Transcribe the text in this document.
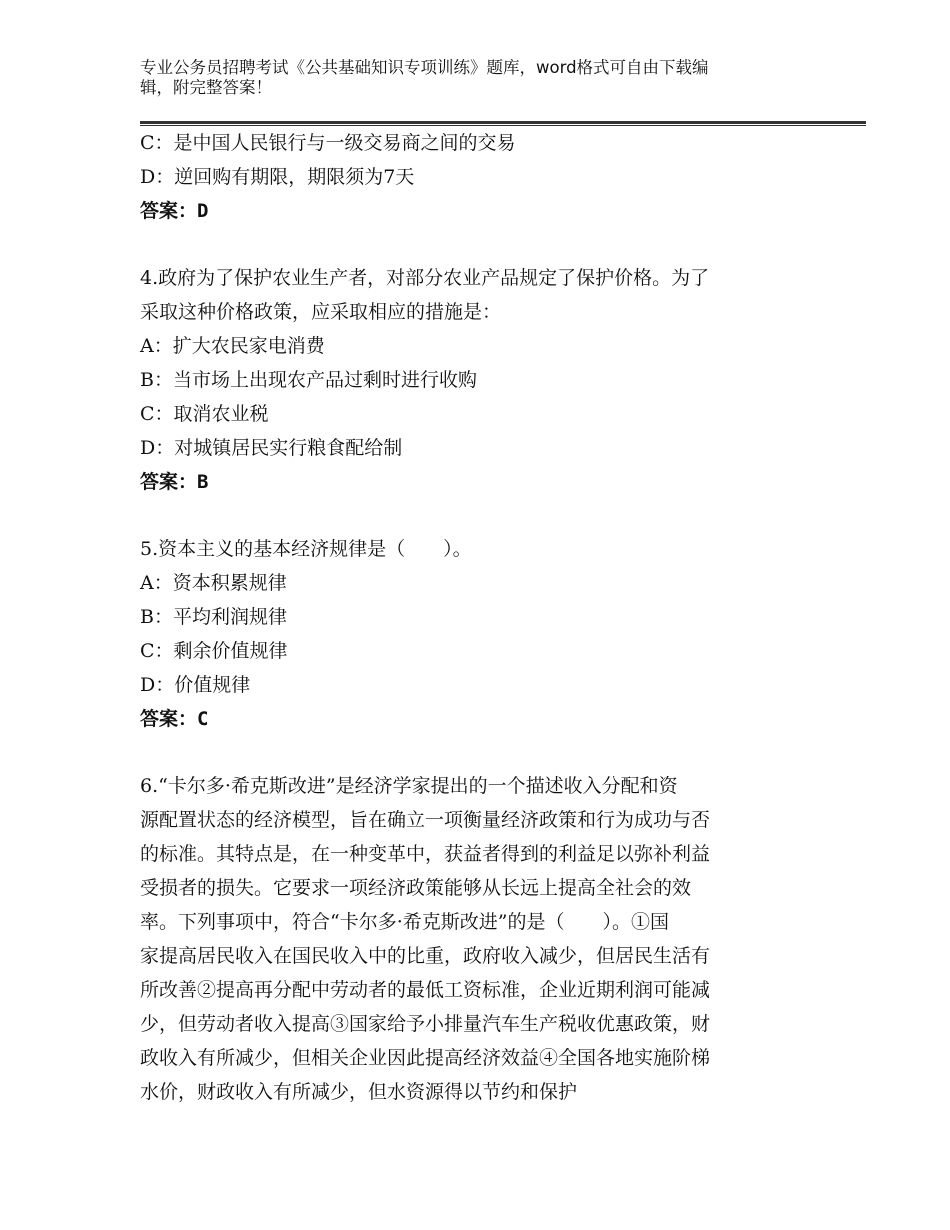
专业公务员招聘考试《公共基础知识专项训练》题库，word格式可自由下载编
辑，附完整答案！
C：是中国人民银行与一级交易商之间的交易
D：逆回购有期限，期限须为7天
答案：D
4.政府为了保护农业生产者，对部分农业产品规定了保护价格。为了
采取这种价格政策，应采取相应的措施是：
A：扩大农民家电消费
B：当市场上出现农产品过剩时进行收购
C：取消农业税
D：对城镇居民实行粮食配给制
答案：B
5.资本主义的基本经济规律是（　　）。
A：资本积累规律
B：平均利润规律
C：剩余价值规律
D：价值规律
答案：C
6.“卡尔多·希克斯改进”是经济学家提出的一个描述收入分配和资
源配置状态的经济模型，旨在确立一项衡量经济政策和行为成功与否
的标准。其特点是，在一种变革中，获益者得到的利益足以弥补利益
受损者的损失。它要求一项经济政策能够从长远上提高全社会的效
率。下列事项中，符合“卡尔多·希克斯改进”的是（　　）。①国
家提高居民收入在国民收入中的比重，政府收入减少，但居民生活有
所改善②提高再分配中劳动者的最低工资标准，企业近期利润可能减
少，但劳动者收入提高③国家给予小排量汽车生产税收优惠政策，财
政收入有所减少，但相关企业因此提高经济效益④全国各地实施阶梯
水价，财政收入有所减少，但水资源得以节约和保护
